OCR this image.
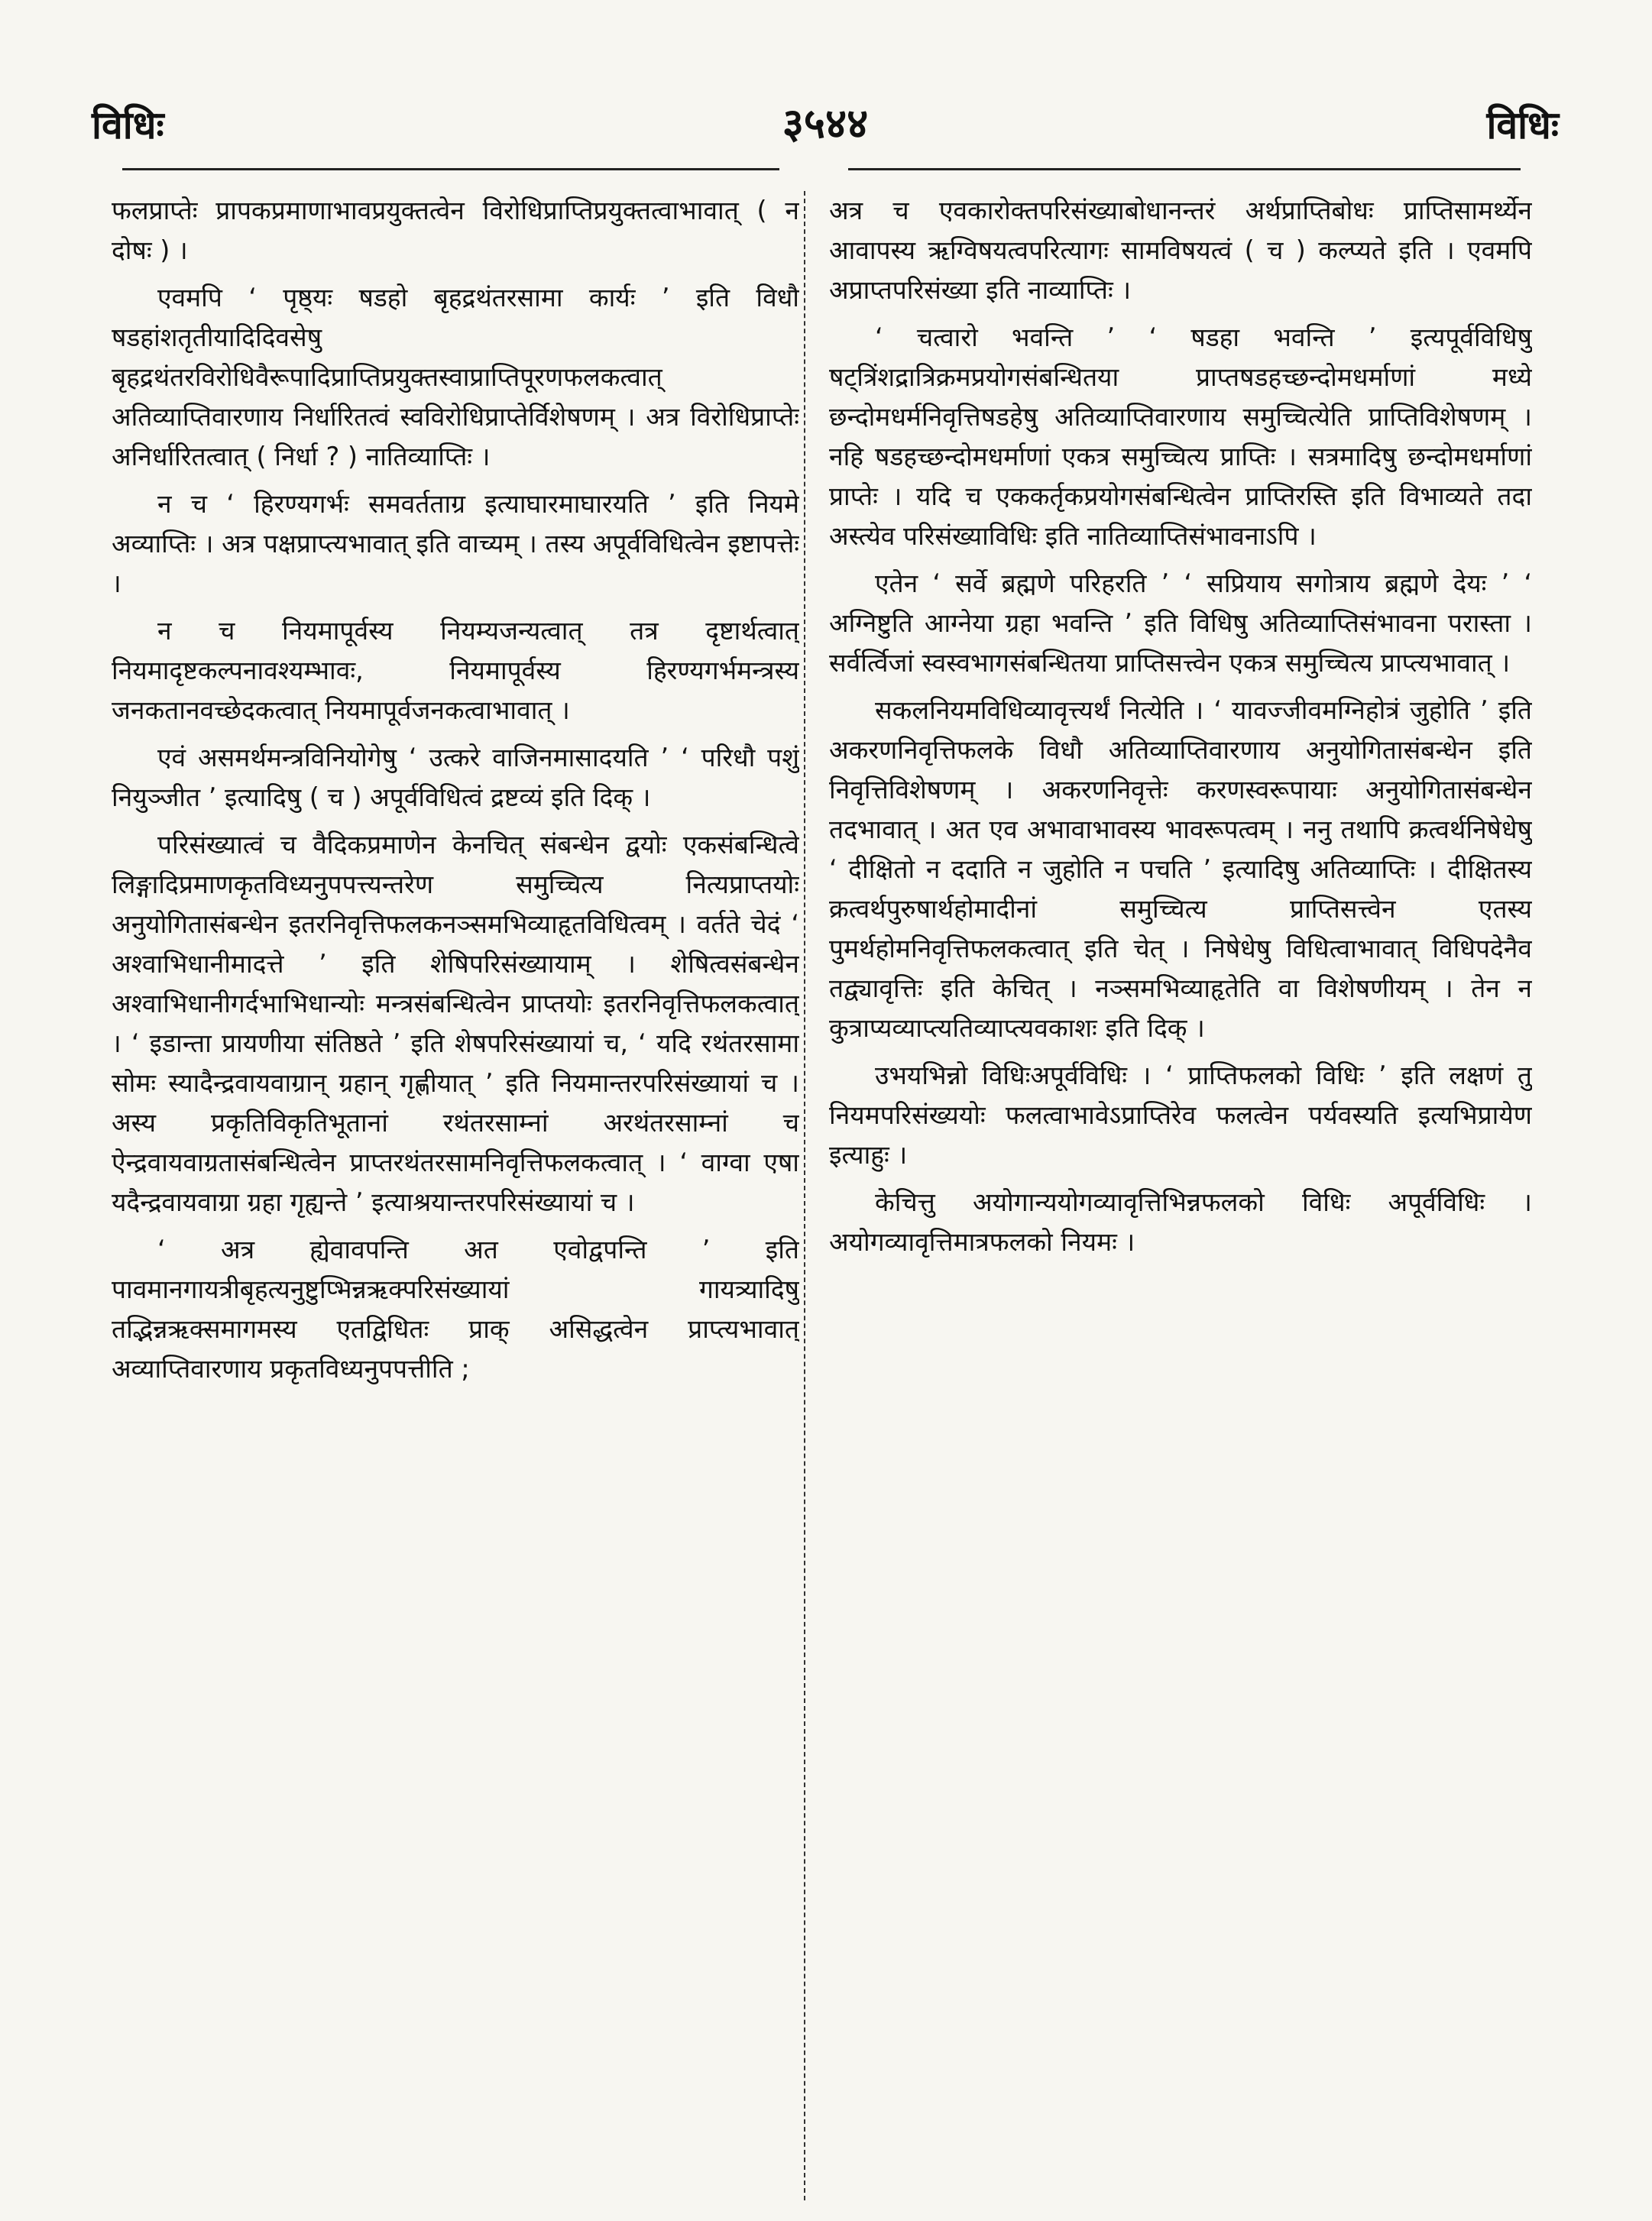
विधिः	३५४४	विधिः

फलप्राप्तेः प्रापकप्रमाणाभावप्रयुक्तत्वेन विरोधिप्राप्तिप्रयुक्तत्वाभावात् ( न दोषः ) ।

एवमपि ‘ पृष्ठ्यः षडहो बृहद्रथंतरसामा कार्यः ’ इति विधौ षडहांशतृतीयादिदिवसेषु बृहद्रथंतरविरोधिवैरूपादिप्राप्तिप्रयुक्तस्वाप्राप्तिपूरणफलकत्वात् अतिव्याप्तिवारणाय निर्धारितत्वं स्वविरोधिप्राप्तेर्विशेषणम् । अत्र विरोधिप्राप्तेः अनिर्धारितत्वात् ( निर्धा ? ) नातिव्याप्तिः ।

न च ‘ हिरण्यगर्भः समवर्तताग्र इत्याघारमाघारयति ’ इति नियमे अव्याप्तिः । अत्र पक्षप्राप्त्यभावात् इति वाच्यम् । तस्य अपूर्वविधित्वेन इष्टापत्तेः ।

न च नियमापूर्वस्य नियम्यजन्यत्वात् तत्र दृष्टार्थत्वात् नियमादृष्टकल्पनावश्यम्भावः, नियमापूर्वस्य हिरण्यगर्भमन्त्रस्य जनकतानवच्छेदकत्वात् नियमापूर्वजनकत्वाभावात् ।

एवं असमर्थमन्त्रविनियोगेषु ‘ उत्करे वाजिनमासादयति ’ ‘ परिधौ पशुं नियुञ्जीत ’ इत्यादिषु ( च ) अपूर्वविधित्वं द्रष्टव्यं इति दिक् ।

परिसंख्यात्वं च वैदिकप्रमाणेन केनचित् संबन्धेन द्वयोः एकसंबन्धित्वे लिङ्गादिप्रमाणकृतविध्यनुपपत्त्यन्तरेण समुच्चित्य नित्यप्राप्तयोः अनुयोगितासंबन्धेन इतरनिवृत्तिफलकनञ्समभिव्याहृतविधित्वम् । वर्तते चेदं ‘ अश्वाभिधानीमादत्ते ’ इति शेषिपरिसंख्यायाम् । शेषित्वसंबन्धेन अश्वाभिधानीगर्दभाभिधान्योः मन्त्रसंबन्धित्वेन प्राप्तयोः इतरनिवृत्तिफलकत्वात् । ‘ इडान्ता प्रायणीया संतिष्ठते ’ इति शेषपरिसंख्यायां च, ‘ यदि रथंतरसामा सोमः स्यादैन्द्रवायवाग्रान् ग्रहान् गृह्णीयात् ’ इति नियमान्तरपरिसंख्यायां च । अस्य प्रकृतिविकृतिभूतानां रथंतरसाम्नां अरथंतरसाम्नां च ऐन्द्रवायवाग्रतासंबन्धित्वेन प्राप्तरथंतरसामनिवृत्तिफलकत्वात् । ‘ वाग्वा एषा यदैन्द्रवायवाग्रा ग्रहा गृह्यन्ते ’ इत्याश्रयान्तरपरिसंख्यायां च ।

‘ अत्र ह्येवावपन्ति अत एवोद्वपन्ति ’ इति पावमानगायत्रीबृहत्यनुष्टुप्भिन्नऋक्परिसंख्यायां गायत्र्यादिषु तद्भिन्नऋक्समागमस्य एतद्विधितः प्राक् असिद्धत्वेन प्राप्त्यभावात् अव्याप्तिवारणाय प्रकृतविध्यनुपपत्तीति ;

अत्र च एवकारोक्तपरिसंख्याबोधानन्तरं अर्थप्राप्तिबोधः प्राप्तिसामर्थ्येन आवापस्य ऋग्विषयत्वपरित्यागः सामविषयत्वं ( च ) कल्प्यते इति । एवमपि अप्राप्तपरिसंख्या इति नाव्याप्तिः ।

‘ चत्वारो भवन्ति ’ ‘ षडहा भवन्ति ’ इत्यपूर्वविधिषु षट्त्रिंशद्रात्रिक्रमप्रयोगसंबन्धितया प्राप्तषडहच्छन्दोमधर्माणां मध्ये छन्दोमधर्मनिवृत्तिषडहेषु अतिव्याप्तिवारणाय समुच्चित्येति प्राप्तिविशेषणम् । नहि षडहच्छन्दोमधर्माणां एकत्र समुच्चित्य प्राप्तिः । सत्रमादिषु छन्दोमधर्माणां प्राप्तेः । यदि च एककर्तृकप्रयोगसंबन्धित्वेन प्राप्तिरस्ति इति विभाव्यते तदा अस्त्येव परिसंख्याविधिः इति नातिव्याप्तिसंभावनाऽपि ।

एतेन ‘ सर्वे ब्रह्मणे परिहरति ’ ‘ सप्रियाय सगोत्राय ब्रह्मणे देयः ’ ‘ अग्निष्टुति आग्नेया ग्रहा भवन्ति ’ इति विधिषु अतिव्याप्तिसंभावना परास्ता । सर्वर्त्विजां स्वस्वभागसंबन्धितया प्राप्तिसत्त्वेन एकत्र समुच्चित्य प्राप्त्यभावात् ।

सकलनियमविधिव्यावृत्त्यर्थं नित्येति । ‘ यावज्जीवमग्निहोत्रं जुहोति ’ इति अकरणनिवृत्तिफलके विधौ अतिव्याप्तिवारणाय अनुयोगितासंबन्धेन इति निवृत्तिविशेषणम् । अकरणनिवृत्तेः करणस्वरूपायाः अनुयोगितासंबन्धेन तदभावात् । अत एव अभावाभावस्य भावरूपत्वम् । ननु तथापि क्रत्वर्थनिषेधेषु ‘ दीक्षितो न ददाति न जुहोति न पचति ’ इत्यादिषु अतिव्याप्तिः । दीक्षितस्य क्रत्वर्थपुरुषार्थहोमादीनां समुच्चित्य प्राप्तिसत्त्वेन एतस्य पुमर्थहोमनिवृत्तिफलकत्वात् इति चेत् । निषेधेषु विधित्वाभावात् विधिपदेनैव तद्व्यावृत्तिः इति केचित् । नञ्समभिव्याहृतेति वा विशेषणीयम् । तेन न कुत्राप्यव्याप्त्यतिव्याप्त्यवकाशः इति दिक् ।

उभयभिन्नो विधिःअपूर्वविधिः । ‘ प्राप्तिफलको विधिः ’ इति लक्षणं तु नियमपरिसंख्ययोः फलत्वाभावेऽप्राप्तिरेव फलत्वेन पर्यवस्यति इत्यभिप्रायेण इत्याहुः ।

केचित्तु अयोगान्ययोगव्यावृत्तिभिन्नफलको विधिः अपूर्वविधिः । अयोगव्यावृत्तिमात्रफलको नियमः ।
